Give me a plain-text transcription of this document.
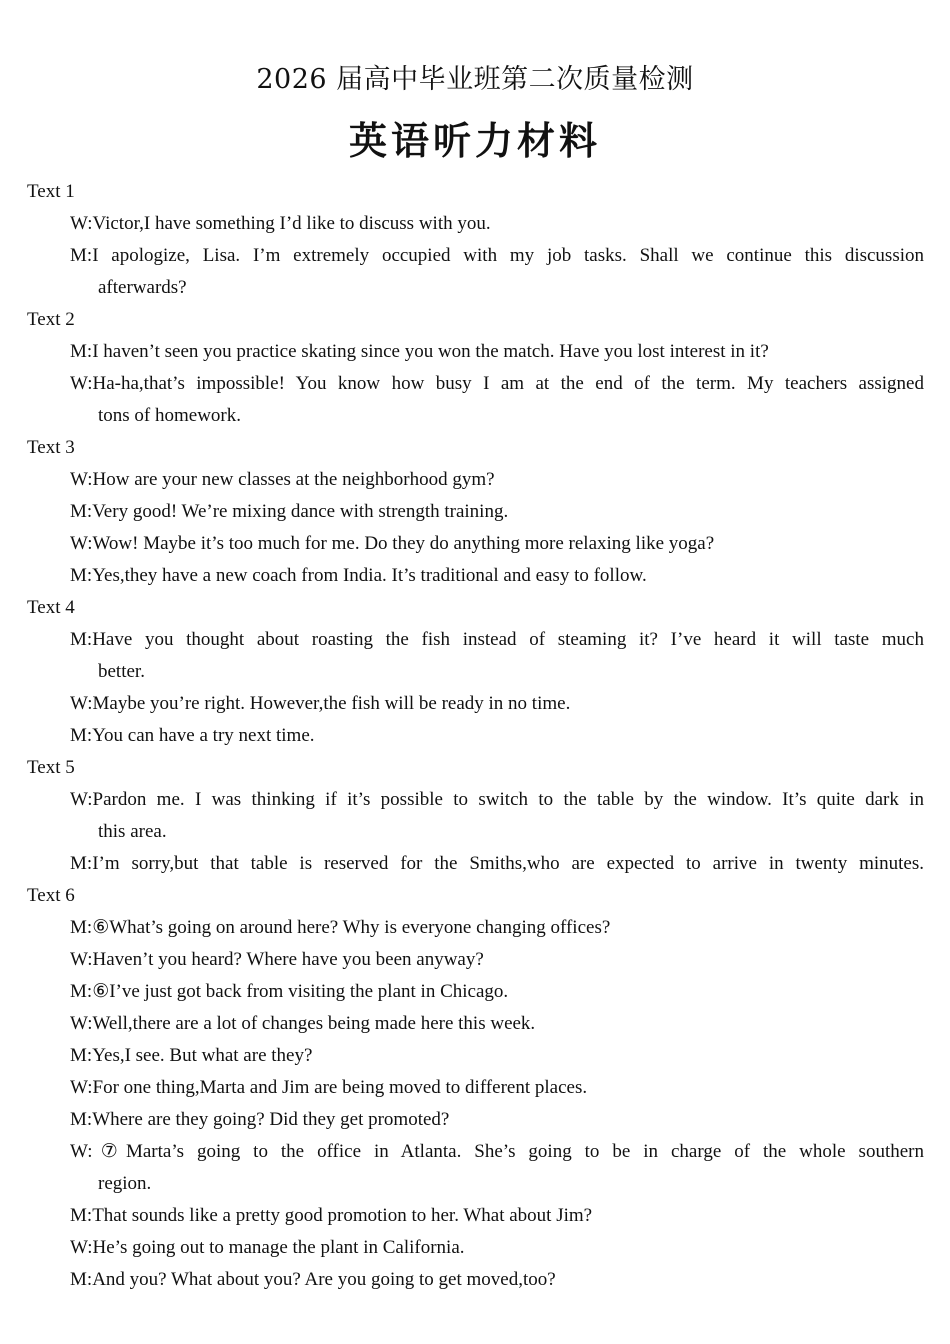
2026 届高中毕业班第二次质量检测
英语听力材料
Text 1
W:Victor,I have something I’d like to discuss with you.
M:I apologize, Lisa. I’m extremely occupied with my job tasks. Shall we continue this discussion
afterwards?
Text 2
M:I haven’t seen you practice skating since you won the match. Have you lost interest in it?
W:Ha-ha,that’s impossible! You know how busy I am at the end of the term. My teachers assigned
tons of homework.
Text 3
W:How are your new classes at the neighborhood gym?
M:Very good! We’re mixing dance with strength training.
W:Wow! Maybe it’s too much for me. Do they do anything more relaxing like yoga?
M:Yes,they have a new coach from India. It’s traditional and easy to follow.
Text 4
M:Have you thought about roasting the fish instead of steaming it? I’ve heard it will taste much
better.
W:Maybe you’re right. However,the fish will be ready in no time.
M:You can have a try next time.
Text 5
W:Pardon me. I was thinking if it’s possible to switch to the table by the window. It’s quite dark in
this area.
M:I’m sorry,but that table is reserved for the Smiths,who are expected to arrive in twenty minutes.
Text 6
M:⑥What’s going on around here? Why is everyone changing offices?
W:Haven’t you heard? Where have you been anyway?
M:⑥I’ve just got back from visiting the plant in Chicago.
W:Well,there are a lot of changes being made here this week.
M:Yes,I see. But what are they?
W:For one thing,Marta and Jim are being moved to different places.
M:Where are they going? Did they get promoted?
W:⑦Marta’s going to the office in Atlanta. She’s going to be in charge of the whole southern
region.
M:That sounds like a pretty good promotion to her. What about Jim?
W:He’s going out to manage the plant in California.
M:And you? What about you? Are you going to get moved,too?
